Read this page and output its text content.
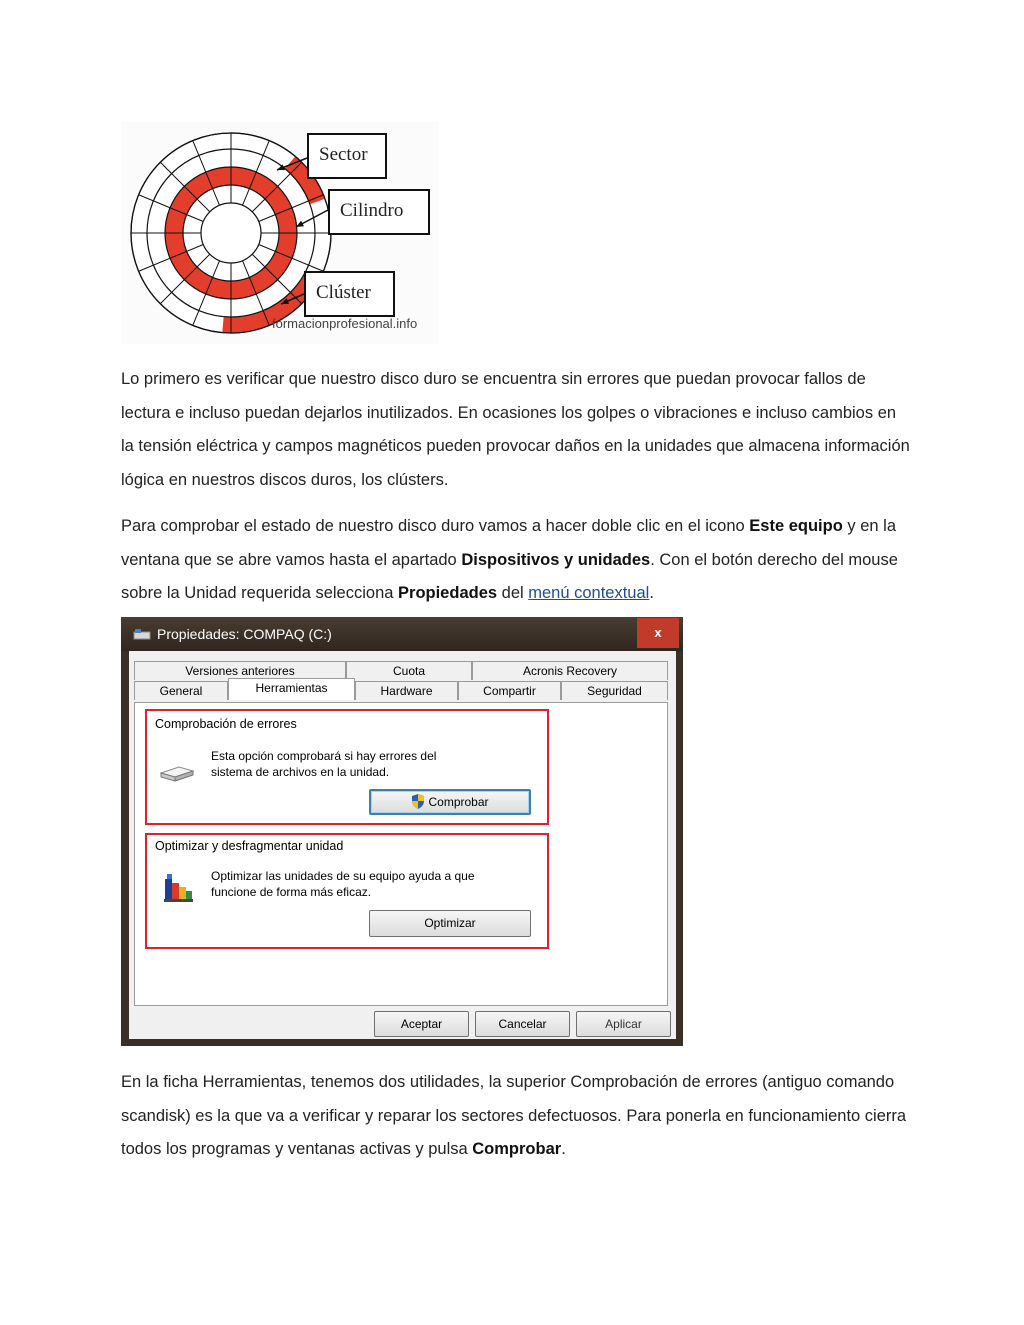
Sector
Cilindro
Clúster
formacionprofesional.info

Lo primero es verificar que nuestro disco duro se encuentra sin errores que puedan provocar fallos de lectura e incluso puedan dejarlos inutilizados. En ocasiones los golpes o vibraciones e incluso cambios en la tensión eléctrica y campos magnéticos pueden provocar daños en la unidades que almacena información lógica en nuestros discos duros, los clústers.

Para comprobar el estado de nuestro disco duro vamos a hacer doble clic en el icono Este equipo y en la ventana que se abre vamos hasta el apartado Dispositivos y unidades. Con el botón derecho del mouse sobre la Unidad requerida selecciona Propiedades del menú contextual.

Propiedades: COMPAQ (C:)	x
Versiones anteriores	Cuota	Acronis Recovery
General	Herramientas	Hardware	Compartir	Seguridad
Comprobación de errores
Esta opción comprobará si hay errores del sistema de archivos en la unidad.
Comprobar
Optimizar y desfragmentar unidad
Optimizar las unidades de su equipo ayuda a que funcione de forma más eficaz.
Optimizar
Aceptar	Cancelar	Aplicar

En la ficha Herramientas, tenemos dos utilidades, la superior Comprobación de errores (antiguo comando scandisk) es la que va a verificar y reparar los sectores defectuosos. Para ponerla en funcionamiento cierra todos los programas y ventanas activas y pulsa Comprobar.
